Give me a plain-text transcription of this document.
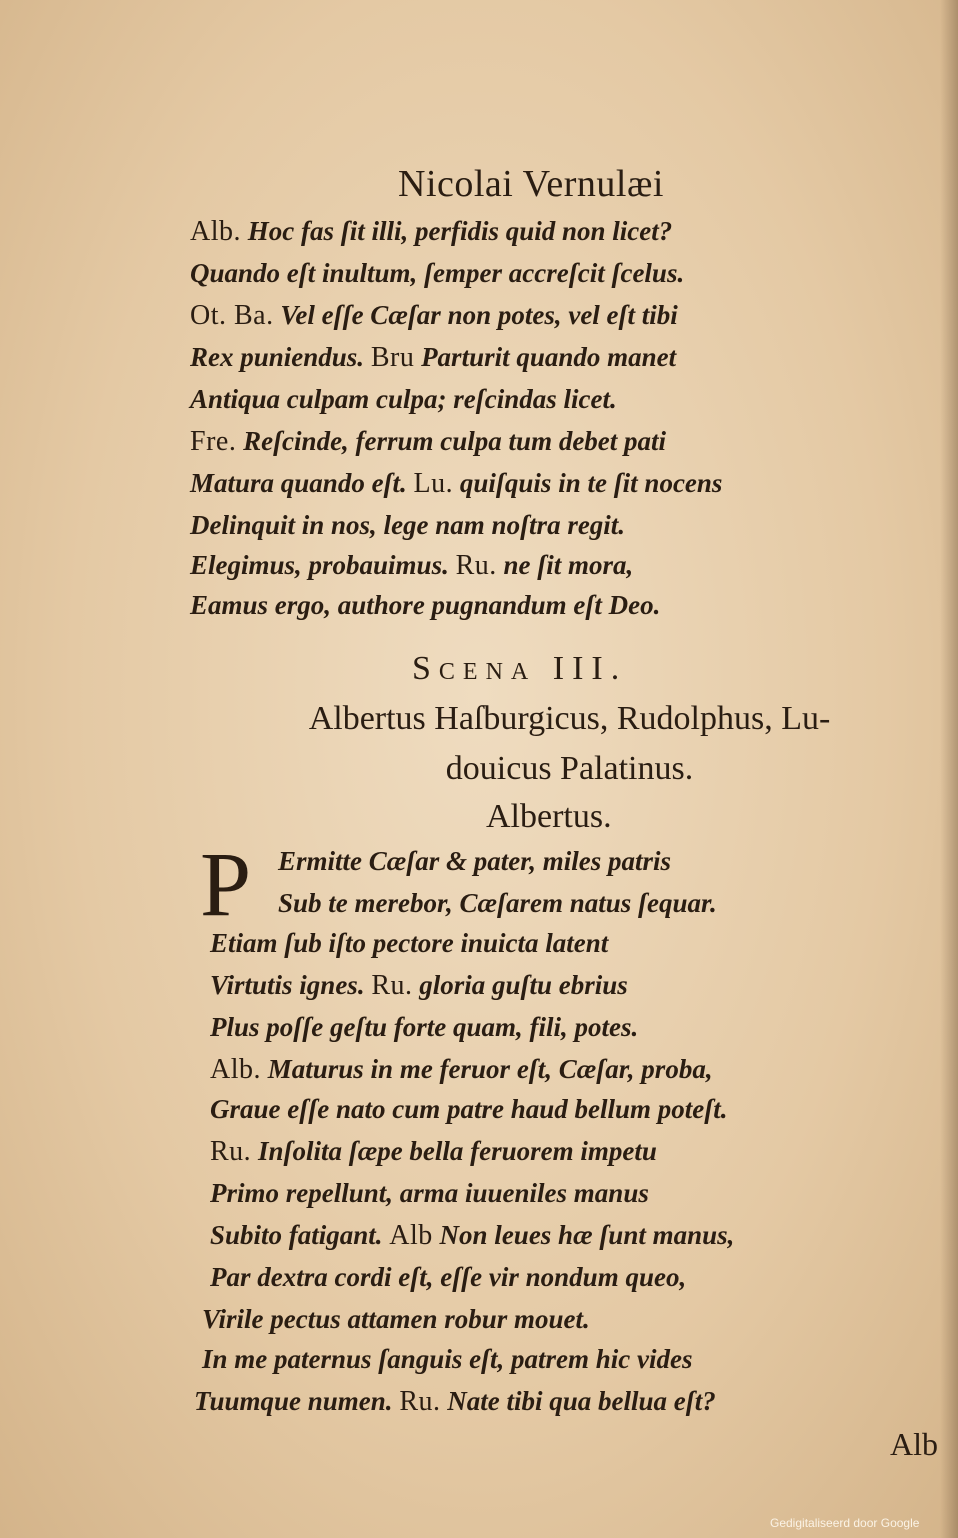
Nicolai Vernulæi
Alb. Hoc fas ſit illi, perfidis quid non licet?
Quando eſt inultum, ſemper accreſcit ſcelus.
Ot. Ba. Vel eſſe Cæſar non potes, vel eſt tibi
Rex puniendus. Bru Parturit quando manet
Antiqua culpam culpa; reſcindas licet.
Fre. Reſcinde, ferrum culpa tum debet pati
Matura quando eſt. Lu. quiſquis in te ſit nocens
Delinquit in nos, lege nam noſtra regit.
Elegimus, probauimus. Ru. ne ſit mora,
Eamus ergo, authore pugnandum eſt Deo.
Scena III.
Albertus Haſburgicus, Rudolphus, Lu-
douicus Palatinus.
Albertus.
P Ermitte Cæſar & pater, miles patris
Sub te merebor, Cæſarem natus ſequar.
Etiam ſub iſto pectore inuicta latent
Virtutis ignes. Ru. gloria guſtu ebrius
Plus poſſe geſtu forte quam, fili, potes.
Alb. Maturus in me feruor eſt, Cæſar, proba,
Graue eſſe nato cum patre haud bellum poteſt.
Ru. Inſolita ſæpe bella feruorem impetu
Primo repellunt, arma iuueniles manus
Subito fatigant. Alb Non leues hæ ſunt manus,
Par dextra cordi eſt, eſſe vir nondum queo,
Virile pectus attamen robur mouet.
In me paternus ſanguis eſt, patrem hic vides
Tuumque numen. Ru. Nate tibi qua bellua eſt?
Alb
Gedigitaliseerd door Google
